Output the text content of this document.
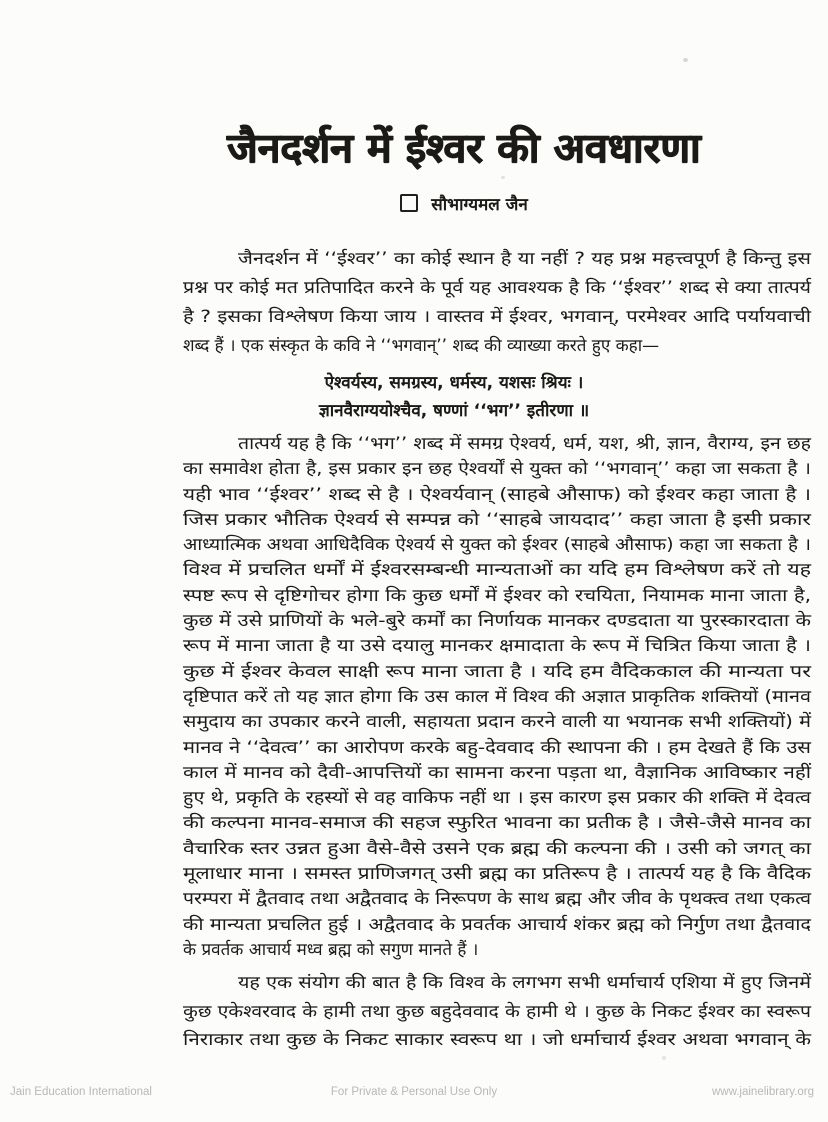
जैनदर्शन में ईश्वर की अवधारणा
सौभाग्यमल जैन
जैनदर्शन में ‘‘ईश्वर’’ का कोई स्थान है या नहीं ? यह प्रश्न महत्त्वपूर्ण है किन्तु इस
प्रश्न पर कोई मत प्रतिपादित करने के पूर्व यह आवश्यक है कि ‘‘ईश्वर’’ शब्द से क्या तात्पर्य
है ? इसका विश्लेषण किया जाय । वास्तव में ईश्वर, भगवान्, परमेश्वर आदि पर्यायवाची
शब्द हैं । एक संस्कृत के कवि ने ‘‘भगवान्’’ शब्द की व्याख्या करते हुए कहा—
ऐश्वर्यस्य, समग्रस्य, धर्मस्य, यशसः श्रियः ।
ज्ञानवैराग्ययोश्चैव, षण्णां ‘‘भग’’ इतीरणा ॥
तात्पर्य यह है कि ‘‘भग’’ शब्द में समग्र ऐश्वर्य, धर्म, यश, श्री, ज्ञान, वैराग्य, इन छह
का समावेश होता है, इस प्रकार इन छह ऐश्वर्यों से युक्त को ‘‘भगवान्’’ कहा जा सकता है ।
यही भाव ‘‘ईश्वर’’ शब्द से है । ऐश्वर्यवान् (साहबे औसाफ) को ईश्वर कहा जाता है ।
जिस प्रकार भौतिक ऐश्वर्य से सम्पन्न को ‘‘साहबे जायदाद’’ कहा जाता है इसी प्रकार
आध्यात्मिक अथवा आधिदैविक ऐश्वर्य से युक्त को ईश्वर (साहबे औसाफ) कहा जा सकता है ।
विश्व में प्रचलित धर्मों में ईश्वरसम्बन्धी मान्यताओं का यदि हम विश्लेषण करें तो यह
स्पष्ट रूप से दृष्टिगोचर होगा कि कुछ धर्मों में ईश्वर को रचयिता, नियामक माना जाता है,
कुछ में उसे प्राणियों के भले-बुरे कर्मों का निर्णायक मानकर दण्डदाता या पुरस्कारदाता के
रूप में माना जाता है या उसे दयालु मानकर क्षमादाता के रूप में चित्रित किया जाता है ।
कुछ में ईश्वर केवल साक्षी रूप माना जाता है । यदि हम वैदिककाल की मान्यता पर
दृष्टिपात करें तो यह ज्ञात होगा कि उस काल में विश्व की अज्ञात प्राकृतिक शक्तियों (मानव
समुदाय का उपकार करने वाली, सहायता प्रदान करने वाली या भयानक सभी शक्तियों) में
मानव ने ‘‘देवत्व’’ का आरोपण करके बहु-देववाद की स्थापना की । हम देखते हैं कि उस
काल में मानव को दैवी-आपत्तियों का सामना करना पड़ता था, वैज्ञानिक आविष्कार नहीं
हुए थे, प्रकृति के रहस्यों से वह वाकिफ नहीं था । इस कारण इस प्रकार की शक्ति में देवत्व
की कल्पना मानव-समाज की सहज स्फुरित भावना का प्रतीक है । जैसे-जैसे मानव का
वैचारिक स्तर उन्नत हुआ वैसे-वैसे उसने एक ब्रह्म की कल्पना की । उसी को जगत् का
मूलाधार माना । समस्त प्राणिजगत् उसी ब्रह्म का प्रतिरूप है । तात्पर्य यह है कि वैदिक
परम्परा में द्वैतवाद तथा अद्वैतवाद के निरूपण के साथ ब्रह्म और जीव के पृथक्त्व तथा एकत्व
की मान्यता प्रचलित हुई । अद्वैतवाद के प्रवर्तक आचार्य शंकर ब्रह्म को निर्गुण तथा द्वैतवाद
के प्रवर्तक आचार्य मध्व ब्रह्म को सगुण मानते हैं ।
यह एक संयोग की बात है कि विश्व के लगभग सभी धर्माचार्य एशिया में हुए जिनमें
कुछ एकेश्वरवाद के हामी तथा कुछ बहुदेववाद के हामी थे । कुछ के निकट ईश्वर का स्वरूप
निराकार तथा कुछ के निकट साकार स्वरूप था । जो धर्माचार्य ईश्वर अथवा भगवान् के
Jain Education International	For Private & Personal Use Only	www.jainelibrary.org
